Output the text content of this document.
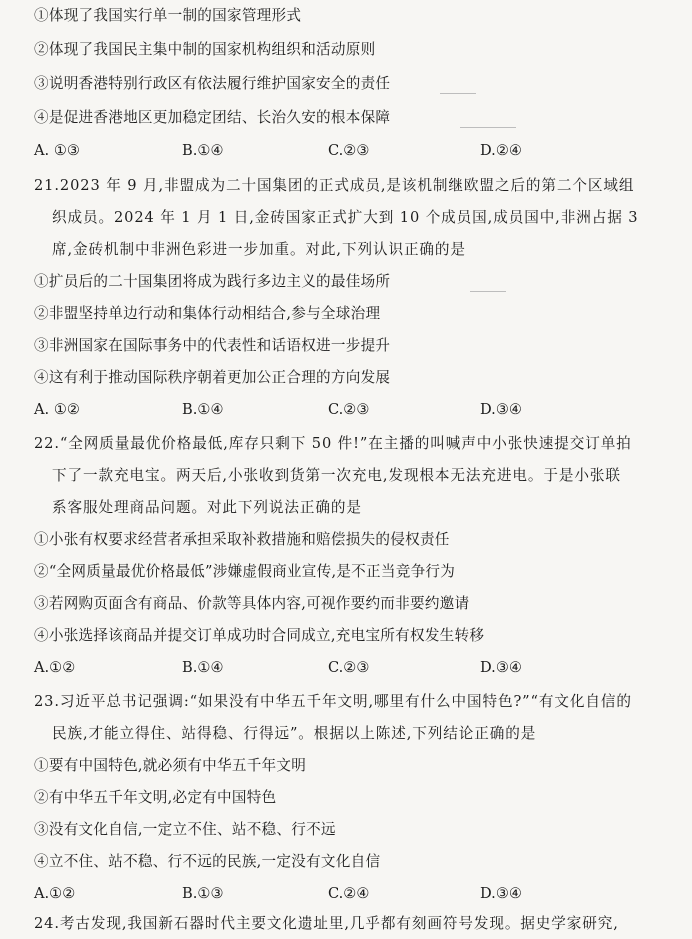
①体现了我国实行单一制的国家管理形式
②体现了我国民主集中制的国家机构组织和活动原则
③说明香港特别行政区有依法履行维护国家安全的责任
④是促进香港地区更加稳定团结、长治久安的根本保障
A. ①③	B.①④	C.②③	D.②④
21.2023 年 9 月,非盟成为二十国集团的正式成员,是该机制继欧盟之后的第二个区域组
织成员。2024 年 1 月 1 日,金砖国家正式扩大到 10 个成员国,成员国中,非洲占据 3
席,金砖机制中非洲色彩进一步加重。对此,下列认识正确的是
①扩员后的二十国集团将成为践行多边主义的最佳场所
②非盟坚持单边行动和集体行动相结合,参与全球治理
③非洲国家在国际事务中的代表性和话语权进一步提升
④这有利于推动国际秩序朝着更加公正合理的方向发展
A. ①②	B.①④	C.②③	D.③④
22.“全网质量最优价格最低,库存只剩下 50 件!”在主播的叫喊声中小张快速提交订单拍
下了一款充电宝。两天后,小张收到货第一次充电,发现根本无法充进电。于是小张联
系客服处理商品问题。对此下列说法正确的是
①小张有权要求经营者承担采取补救措施和赔偿损失的侵权责任
②“全网质量最优价格最低”涉嫌虚假商业宣传,是不正当竞争行为
③若网购页面含有商品、价款等具体内容,可视作要约而非要约邀请
④小张选择该商品并提交订单成功时合同成立,充电宝所有权发生转移
A.①②	B.①④	C.②③	D.③④
23.习近平总书记强调:“如果没有中华五千年文明,哪里有什么中国特色?”“有文化自信的
民族,才能立得住、站得稳、行得远”。根据以上陈述,下列结论正确的是
①要有中国特色,就必须有中华五千年文明
②有中华五千年文明,必定有中国特色
③没有文化自信,一定立不住、站不稳、行不远
④立不住、站不稳、行不远的民族,一定没有文化自信
A.①②	B.①③	C.②④	D.③④
24.考古发现,我国新石器时代主要文化遗址里,几乎都有刻画符号发现。据史学家研究,
